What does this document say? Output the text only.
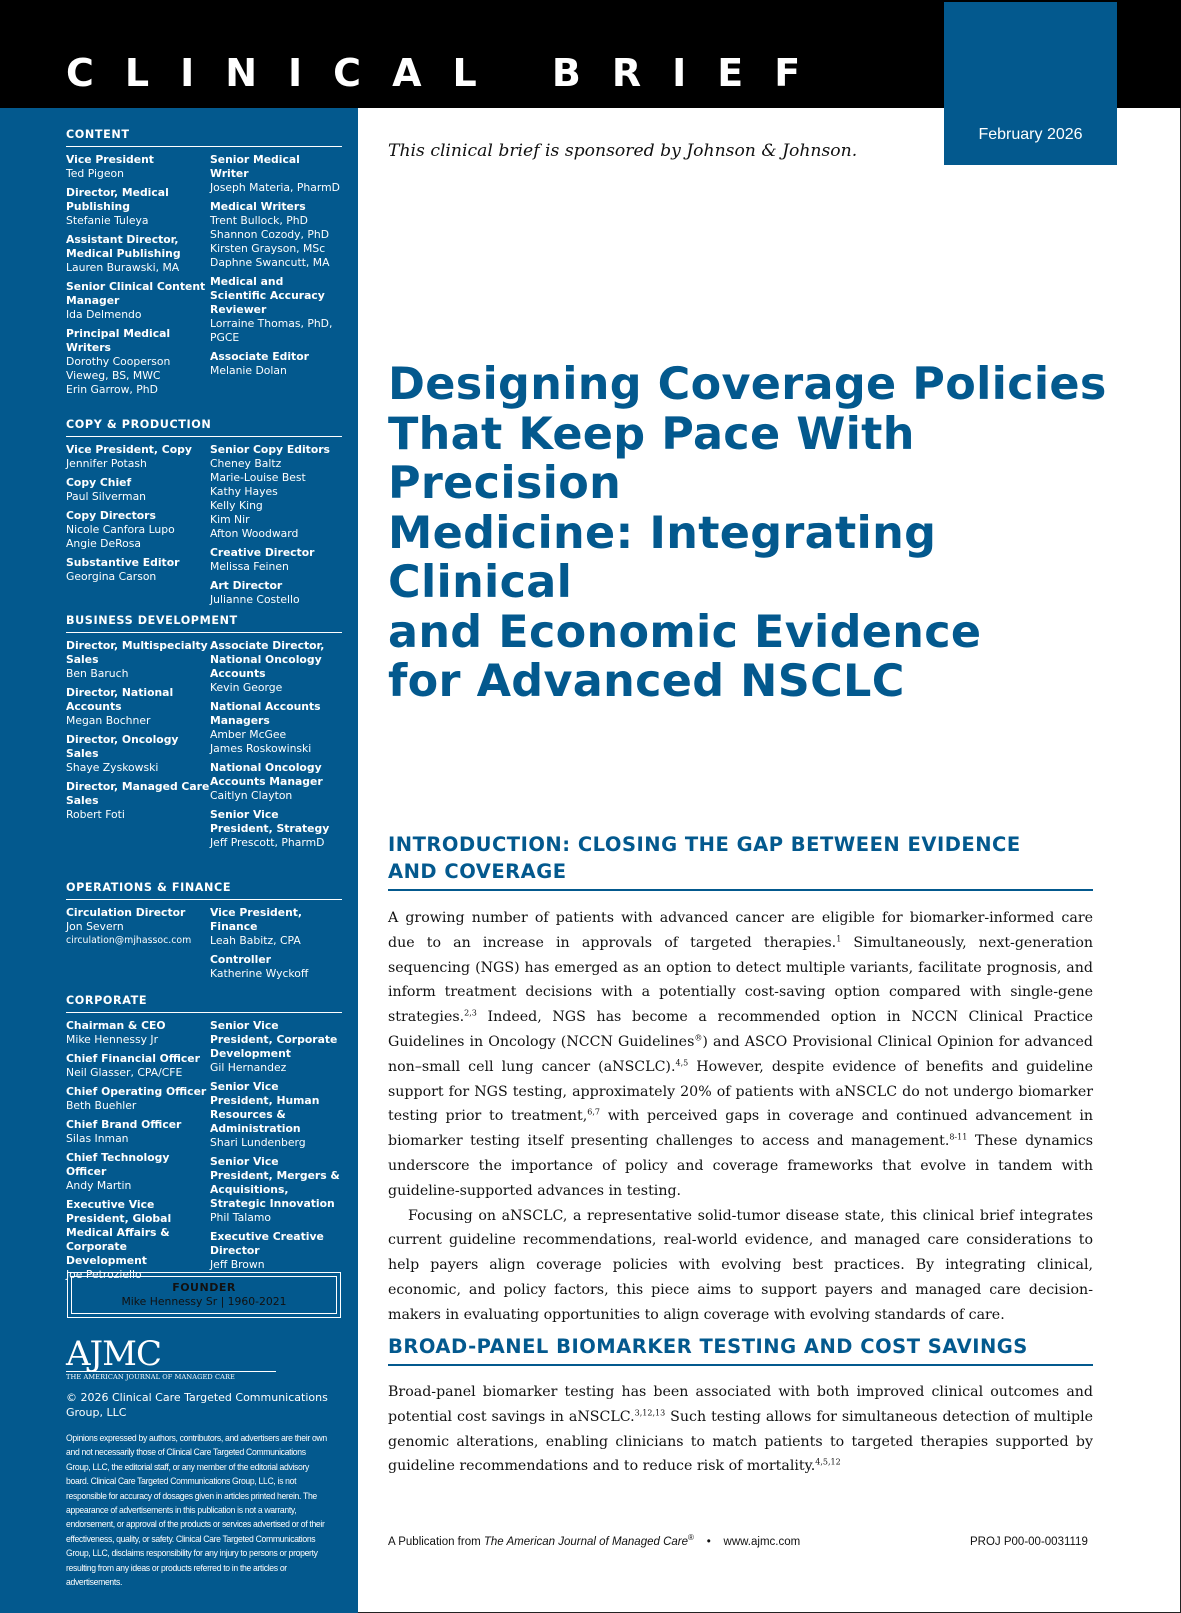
CLINICAL BRIEF
February 2026
CONTENT
Vice President
Ted Pigeon
Director, Medical Publishing
Stefanie Tuleya
Assistant Director, Medical Publishing
Lauren Burawski, MA
Senior Clinical Content Manager
Ida Delmendo
Principal Medical Writers
Dorothy Cooperson Vieweg, BS, MWC
Erin Garrow, PhD
Senior Medical Writer
Joseph Materia, PharmD
Medical Writers
Trent Bullock, PhD
Shannon Cozody, PhD
Kirsten Grayson, MSc
Daphne Swancutt, MA
Medical and Scientific Accuracy Reviewer
Lorraine Thomas, PhD, PGCE
Associate Editor
Melanie Dolan
COPY & PRODUCTION
Vice President, Copy
Jennifer Potash
Copy Chief
Paul Silverman
Copy Directors
Nicole Canfora Lupo
Angie DeRosa
Substantive Editor
Georgina Carson
Senior Copy Editors
Cheney Baltz
Marie-Louise Best
Kathy Hayes
Kelly King
Kim Nir
Afton Woodward
Creative Director
Melissa Feinen
Art Director
Julianne Costello
BUSINESS DEVELOPMENT
Director, Multispecialty Sales
Ben Baruch
Director, National Accounts
Megan Bochner
Director, Oncology Sales
Shaye Zyskowski
Director, Managed Care Sales
Robert Foti
Associate Director, National Oncology Accounts
Kevin George
National Accounts Managers
Amber McGee
James Roskowinski
National Oncology Accounts Manager
Caitlyn Clayton
Senior Vice President, Strategy
Jeff Prescott, PharmD
OPERATIONS & FINANCE
Circulation Director
Jon Severn
circulation@mjhassoc.com
Vice President, Finance
Leah Babitz, CPA
Controller
Katherine Wyckoff
CORPORATE
Chairman & CEO
Mike Hennessy Jr
Chief Financial Officer
Neil Glasser, CPA/CFE
Chief Operating Officer
Beth Buehler
Chief Brand Officer
Silas Inman
Chief Technology Officer
Andy Martin
Executive Vice President, Global Medical Affairs & Corporate Development
Joe Petroziello
Senior Vice President, Corporate Development
Gil Hernandez
Senior Vice President, Human Resources & Administration
Shari Lundenberg
Senior Vice President, Mergers & Acquisitions, Strategic Innovation
Phil Talamo
Executive Creative Director
Jeff Brown
FOUNDER
Mike Hennessy Sr | 1960-2021
AJMC
THE AMERICAN JOURNAL OF MANAGED CARE
© 2026 Clinical Care Targeted Communications Group, LLC
Opinions expressed by authors, contributors, and advertisers are their own and not necessarily those of Clinical Care Targeted Communications Group, LLC, the editorial staff, or any member of the editorial advisory board. Clinical Care Targeted Communications Group, LLC, is not responsible for accuracy of dosages given in articles printed herein. The appearance of advertisements in this publication is not a warranty, endorsement, or approval of the products or services advertised or of their effectiveness, quality, or safety. Clinical Care Targeted Communications Group, LLC, disclaims responsibility for any injury to persons or property resulting from any ideas or products referred to in the articles or advertisements.
This clinical brief is sponsored by Johnson & Johnson.
Designing Coverage Policies
That Keep Pace With Precision
Medicine: Integrating Clinical
and Economic Evidence
for Advanced NSCLC
INTRODUCTION: CLOSING THE GAP BETWEEN EVIDENCE
AND COVERAGE

A growing number of patients with advanced cancer are eligible for biomarker-informed care due to an increase in approvals of targeted therapies.$^1$ Simultaneously, next-generation sequencing (NGS) has emerged as an option to detect multiple variants, facilitate prognosis, and inform treatment decisions with a potentially cost-saving option compared with single-gene strategies.$^{2,3}$ Indeed, NGS has become a recommended option in NCCN Clinical Practice Guidelines in Oncology (NCCN Guidelines®) and ASCO Provisional Clinical Opinion for advanced non–small cell lung cancer (aNSCLC).$^{4,5}$ However, despite evidence of benefits and guideline support for NGS testing, approximately 20% of patients with aNSCLC do not undergo biomarker testing prior to treatment,$^{6,7}$ with perceived gaps in coverage and continued advancement in biomarker testing itself presenting challenges to access and management.$^{8-11}$ These dynamics underscore the importance of policy and coverage frameworks that evolve in tandem with guideline-supported advances in testing.

Focusing on aNSCLC, a representative solid-tumor disease state, this clinical brief integrates current guideline recommendations, real-world evidence, and managed care considerations to help payers align coverage policies with evolving best practices. By integrating clinical, economic, and policy factors, this piece aims to support payers and managed care decision-makers in evaluating opportunities to align coverage with evolving standards of care.

BROAD-PANEL BIOMARKER TESTING AND COST SAVINGS

Broad-panel biomarker testing has been associated with both improved clinical outcomes and potential cost savings in aNSCLC.$^{3,12,13}$ Such testing allows for simultaneous detection of multiple genomic alterations, enabling clinicians to match patients to targeted therapies supported by guideline recommendations and to reduce risk of mortality.$^{4,5,12}$

A Publication from The American Journal of Managed Care® • www.ajmc.com	PROJ P00-00-0031119
